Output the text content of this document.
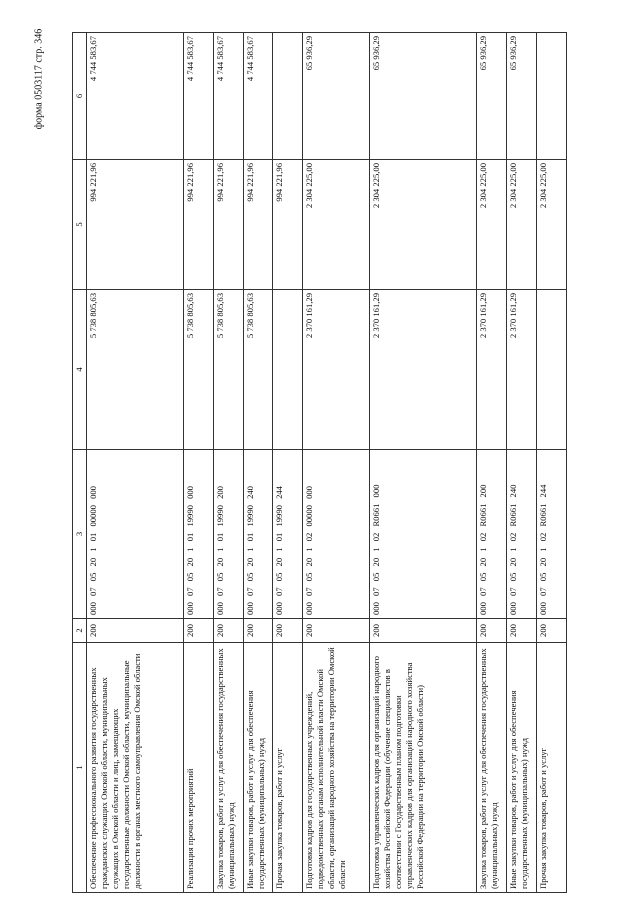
форма 0503117 стр. 346
1	2	3	4	5	6
Обеспечение профессионального развития государственных гражданских служащих Омской области, муниципальных служащих в Омской области и лиц, замещающих государственные должности Омской области, муниципальные должности в органах местного самоуправления Омской области	200	000 07 05 20 1 01 00000 000	5 738 805,63	994 221,96	4 744 583,67
Реализация прочих мероприятий	200	000 07 05 20 1 01 19990 000	5 738 805,63	994 221,96	4 744 583,67
Закупка товаров, работ и услуг для обеспечения государственных (муниципальных) нужд	200	000 07 05 20 1 01 19990 200	5 738 805,63	994 221,96	4 744 583,67
Иные закупки товаров, работ и услуг для обеспечения государственных (муниципальных) нужд	200	000 07 05 20 1 01 19990 240	5 738 805,63	994 221,96	4 744 583,67
Прочая закупка товаров, работ и услуг	200	000 07 05 20 1 01 19990 244		994 221,96	
Подготовка кадров для государственных учреждений, подведомственных органам исполнительной власти Омской области, организаций народного хозяйства на территории Омской области	200	000 07 05 20 1 02 00000 000	2 370 161,29	2 304 225,00	65 936,29
Подготовка управленческих кадров для организаций народного хозяйства Российской Федерации (обучение специалистов в соответствии с Государственным планом подготовки управленческих кадров для организаций народного хозяйства Российской Федерации на территории Омской области)	200	000 07 05 20 1 02 R0661 000	2 370 161,29	2 304 225,00	65 936,29
Закупка товаров, работ и услуг для обеспечения государственных (муниципальных) нужд	200	000 07 05 20 1 02 R0661 200	2 370 161,29	2 304 225,00	65 936,29
Иные закупки товаров, работ и услуг для обеспечения государственных (муниципальных) нужд	200	000 07 05 20 1 02 R0661 240	2 370 161,29	2 304 225,00	65 936,29
Прочая закупка товаров, работ и услуг	200	000 07 05 20 1 02 R0661 244		2 304 225,00	
